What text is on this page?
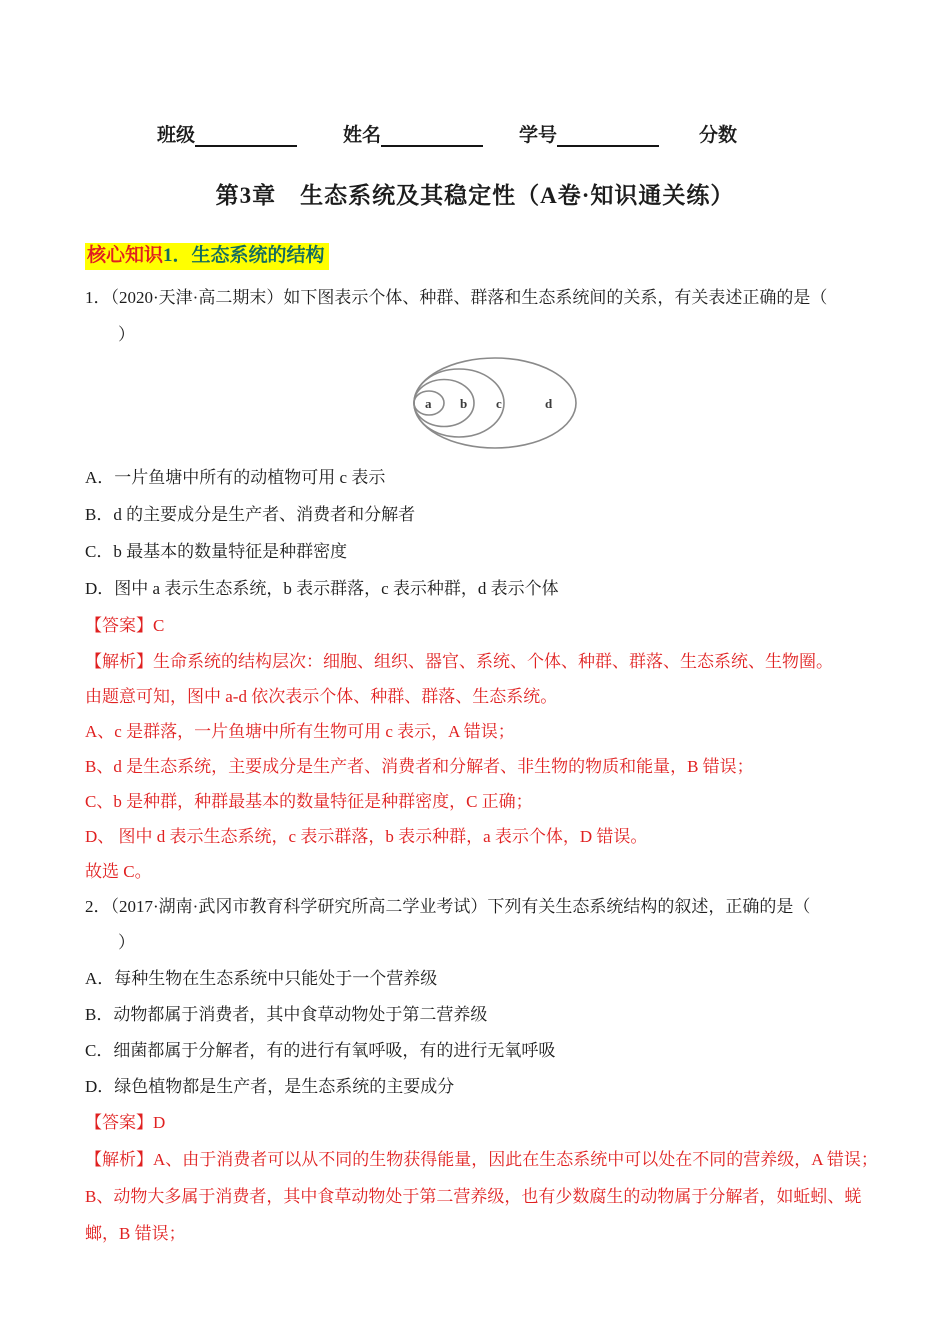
班级	姓名	学号	分数
第3章　生态系统及其稳定性（A卷·知识通关练）
核心知识1．生态系统的结构

1．（2020·天津·高二期末）如下图表示个体、种群、群落和生态系统间的关系，有关表述正确的是（

）

a b c	d

A．一片鱼塘中所有的动植物可用 c 表示

B．d 的主要成分是生产者、消费者和分解者

C．b 最基本的数量特征是种群密度

D．图中 a 表示生态系统，b 表示群落，c 表示种群，d 表示个体

【答案】C

【解析】生命系统的结构层次：细胞、组织、器官、系统、个体、种群、群落、生态系统、生物圈。

由题意可知，图中 a-d 依次表示个体、种群、群落、生态系统。

A、c 是群落，一片鱼塘中所有生物可用 c 表示，A 错误；

B、d 是生态系统，主要成分是生产者、消费者和分解者、非生物的物质和能量，B 错误；

C、b 是种群，种群最基本的数量特征是种群密度，C 正确；

D、 图中 d 表示生态系统，c 表示群落，b 表示种群，a 表示个体，D 错误。

故选 C。

2．（2017·湖南·武冈市教育科学研究所高二学业考试）下列有关生态系统结构的叙述，正确的是（

）

A．每种生物在生态系统中只能处于一个营养级

B．动物都属于消费者，其中食草动物处于第二营养级

C．细菌都属于分解者，有的进行有氧呼吸，有的进行无氧呼吸

D．绿色植物都是生产者，是生态系统的主要成分

【答案】D

【解析】A、由于消费者可以从不同的生物获得能量，因此在生态系统中可以处在不同的营养级，A 错误；

B、动物大多属于消费者，其中食草动物处于第二营养级，也有少数腐生的动物属于分解者，如蚯蚓、蜣

螂，B 错误；
